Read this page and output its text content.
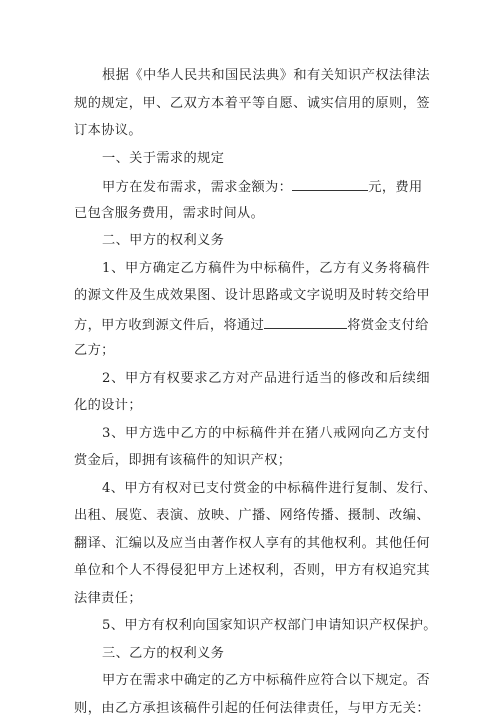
根据《中华人民共和国民法典》和有关知识产权法律法
规的规定，甲、乙双方本着平等自愿、诚实信用的原则，签
订本协议。
一、关于需求的规定
甲方在发布需求，需求金额为：	元，费用
已包含服务费用，需求时间从。
二、甲方的权利义务
1、甲方确定乙方稿件为中标稿件，乙方有义务将稿件
的源文件及生成效果图、设计思路或文字说明及时转交给甲
方，甲方收到源文件后，将通过	将赏金支付给
乙方；
2、甲方有权要求乙方对产品进行适当的修改和后续细
化的设计；
3、甲方选中乙方的中标稿件并在猪八戒网向乙方支付
赏金后，即拥有该稿件的知识产权；
4、甲方有权对已支付赏金的中标稿件进行复制、发行、
出租、展览、表演、放映、广播、网络传播、摄制、改编、
翻译、汇编以及应当由著作权人享有的其他权利。其他任何
单位和个人不得侵犯甲方上述权利，否则，甲方有权追究其
法律责任；
5、甲方有权利向国家知识产权部门申请知识产权保护。
三、乙方的权利义务
甲方在需求中确定的乙方中标稿件应符合以下规定。否
则，由乙方承担该稿件引起的任何法律责任，与甲方无关：
